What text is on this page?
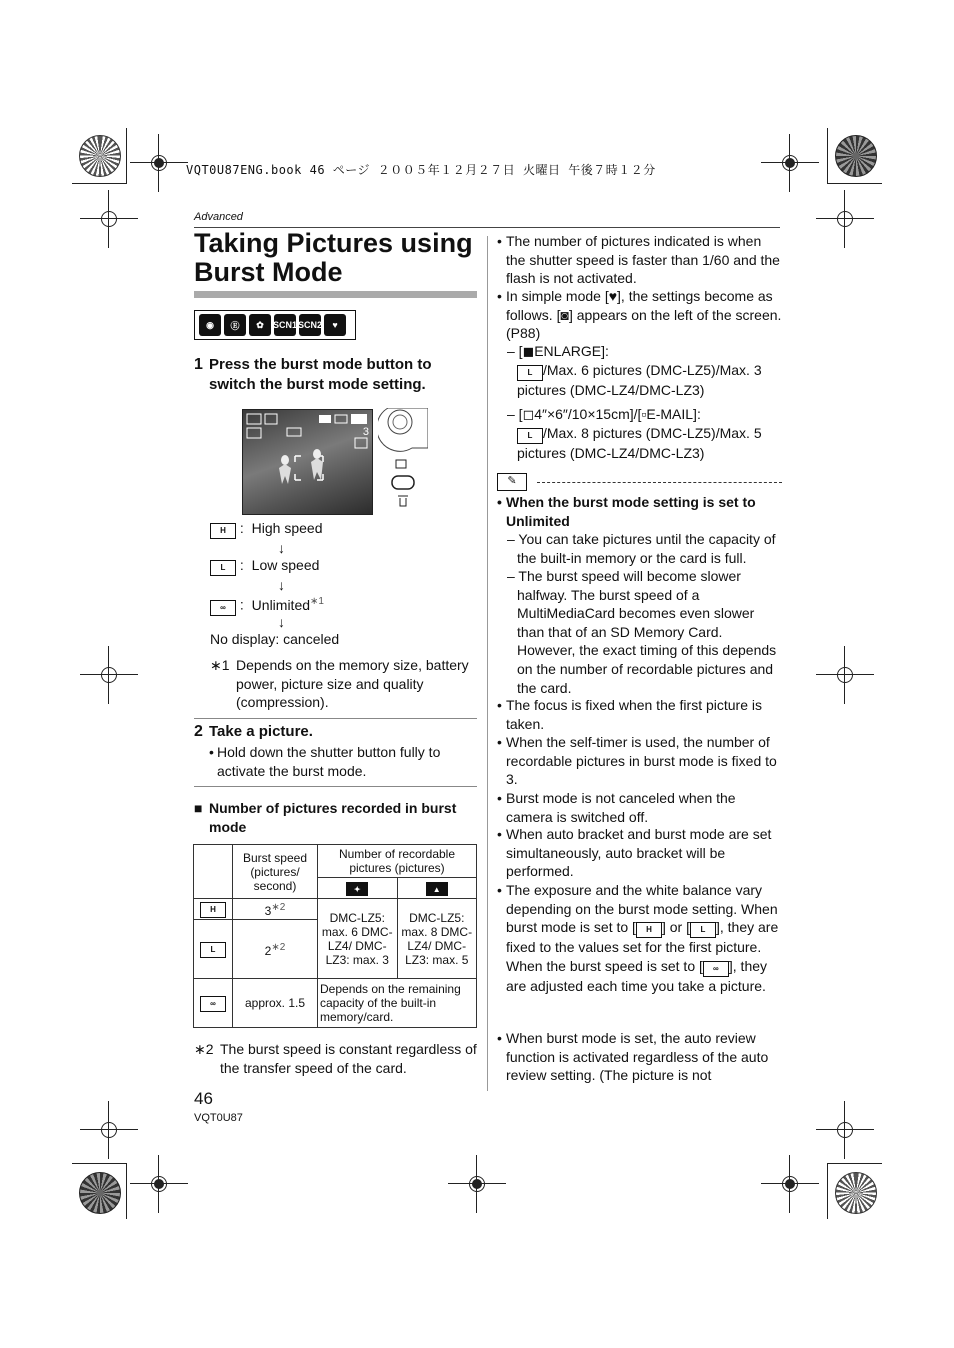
VQT0U87ENG.book 46 ページ ２００５年１２月２７日 火曜日 午後７時１２分
Advanced
Taking Pictures using Burst Mode
◉	Ⓔ	✿	SCN1 SCN2	♥
1 Press the burst mode button to switch the burst mode setting.
3
H : High speed
↓
L : Low speed
↓
∞ : Unlimited$^{∗1}$
↓
No display: canceled
∗1 Depends on the memory size, battery power, picture size and quality (compression).
2 Take a picture.
• Hold down the shutter button fully to activate the burst mode.
■ Number of pictures recorded in burst mode
	Burst speed (pictures/ second)	Number of recordable pictures (pictures)	
		✦	▲
H	$3^{∗2}$	DMC-LZ5: max. 6 DMC-LZ4/ DMC-LZ3: max. 3	DMC-LZ5: max. 8 DMC-LZ4/ DMC-LZ3: max. 5
L	$2^{∗2}$
∞	approx. 1.5	Depends on the remaining capacity of the built-in memory/card.	
∗2 The burst speed is constant regardless of the transfer speed of the card.
46
VQT0U87
• The number of pictures indicated is when the shutter speed is faster than 1/60 and the flash is not activated.
• In simple mode [♥], the settings become as follows. [◙] appears on the left of the screen. (P88)
– [◼ENLARGE]:
L /Max. 6 pictures (DMC-LZ5)/Max. 3 pictures (DMC-LZ4/DMC-LZ3)
– [◻4″×6″/10×15cm]/[▫E-MAIL]:
L /Max. 8 pictures (DMC-LZ5)/Max. 5 pictures (DMC-LZ4/DMC-LZ3)
✎
• When the burst mode setting is set to Unlimited
– You can take pictures until the capacity of the built-in memory or the card is full.
– The burst speed will become slower halfway. The burst speed of a MultiMediaCard becomes even slower than that of an SD Memory Card. However, the exact timing of this depends on the number of recordable pictures and the card.
• The focus is fixed when the first picture is taken.
• When the self-timer is used, the number of recordable pictures in burst mode is fixed to 3.
• Burst mode is not canceled when the camera is switched off.
• When auto bracket and burst mode are set simultaneously, auto bracket will be performed.
• The exposure and the white balance vary depending on the burst mode setting. When burst mode is set to [ H ] or [ L ], they are fixed to the values set for the first picture.
When the burst speed is set to [ ∞ ], they are adjusted each time you take a picture.
• When burst mode is set, the auto review function is activated regardless of the auto review setting. (The picture is not
